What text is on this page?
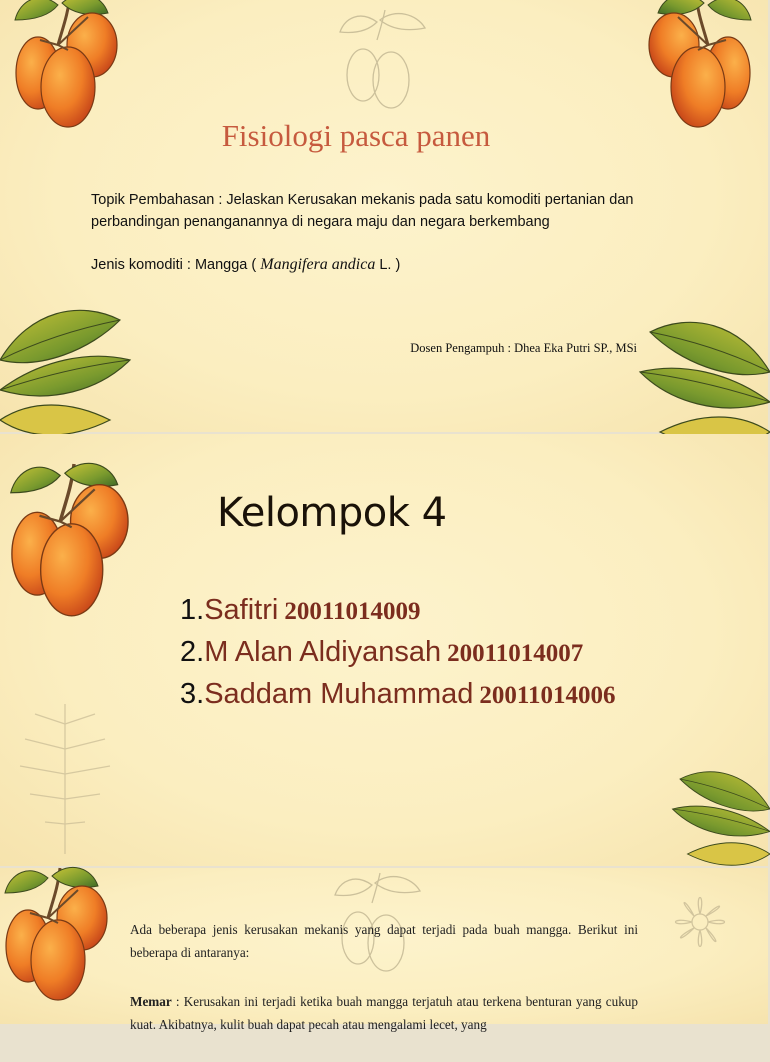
Fisiologi pasca panen
Topik Pembahasan : Jelaskan Kerusakan mekanis pada satu komoditi pertanian dan perbandingan penanganannya di negara maju dan negara berkembang
Jenis komoditi : Mangga ( Mangifera andica L. )
Dosen Pengampuh : Dhea Eka Putri SP., MSi
Kelompok 4
1.Safitri 20011014009
2.M Alan Aldiyansah 20011014007
3.Saddam Muhammad 20011014006

Ada beberapa jenis kerusakan mekanis yang dapat terjadi pada buah mangga. Berikut ini beberapa di antaranya:

Memar : Kerusakan ini terjadi ketika buah mangga terjatuh atau terkena benturan yang cukup kuat. Akibatnya, kulit buah dapat pecah atau mengalami lecet, yang
